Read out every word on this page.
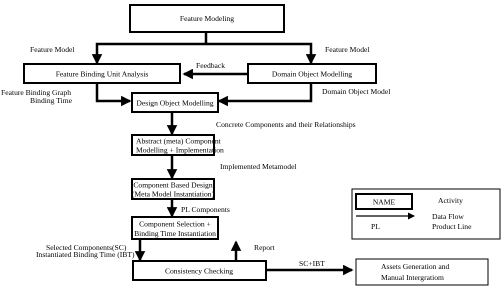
Feature Modeling
Feature Binding Unit Analysis	Domain Object Modelling
Design Object Modelling
Abstract (meta) Component
Modelling + Implementation
Component Based Design
(Meta Model Instantiation)
Component Selection +
Binding Time Instantiation
Consistency Checking	Assets Generation and
Manual Intergratiom
Feature Model	Feature Model
Feedback
Feature Binding Graph
Binding Time
Domain Object Model
Concrete Components and their Relationships
Implemented Metamodel
PL Components
Selected Components(SC)
Instantiated Binding Time (IBT)
Report
SC+IBT
NAME	Activity
Data Flow
PL	Product Line
